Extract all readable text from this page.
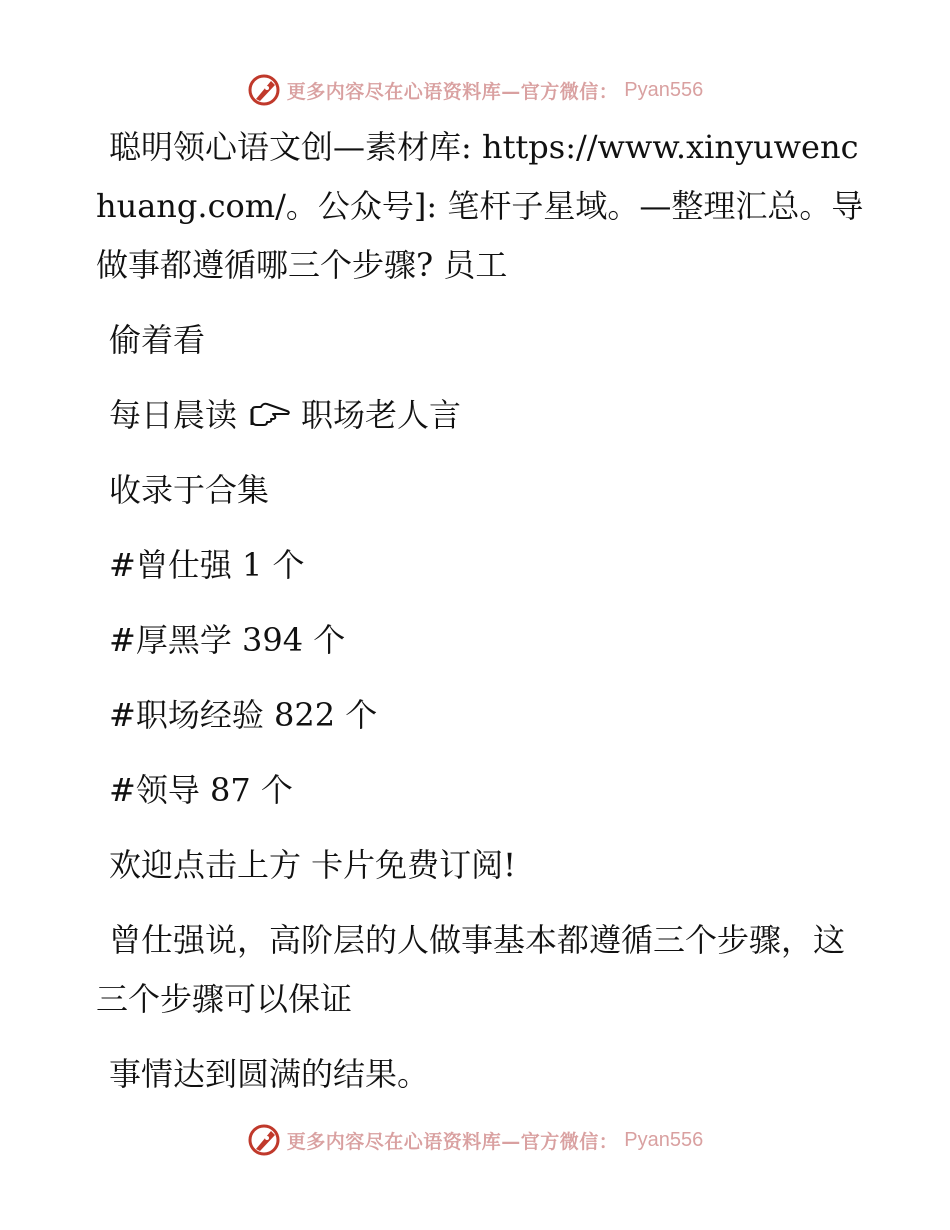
更多内容尽在心语资料库—官方微信： Pyan556

聪明领心语文创—素材库: https://www.xinyuwenchuang.com/。公众号]: 笔杆子星域。—整理汇总。导做事都遵循哪三个步骤? 员工

偷着看

每日晨读 职场老人言

收录于合集

#曾仕强 1 个

#厚黑学 394 个

#职场经验 822 个

#领导 87 个

欢迎点击上方 卡片免费订阅!

曾仕强说，高阶层的人做事基本都遵循三个步骤，这三个步骤可以保证

事情达到圆满的结果。

更多内容尽在心语资料库—官方微信： Pyan556
